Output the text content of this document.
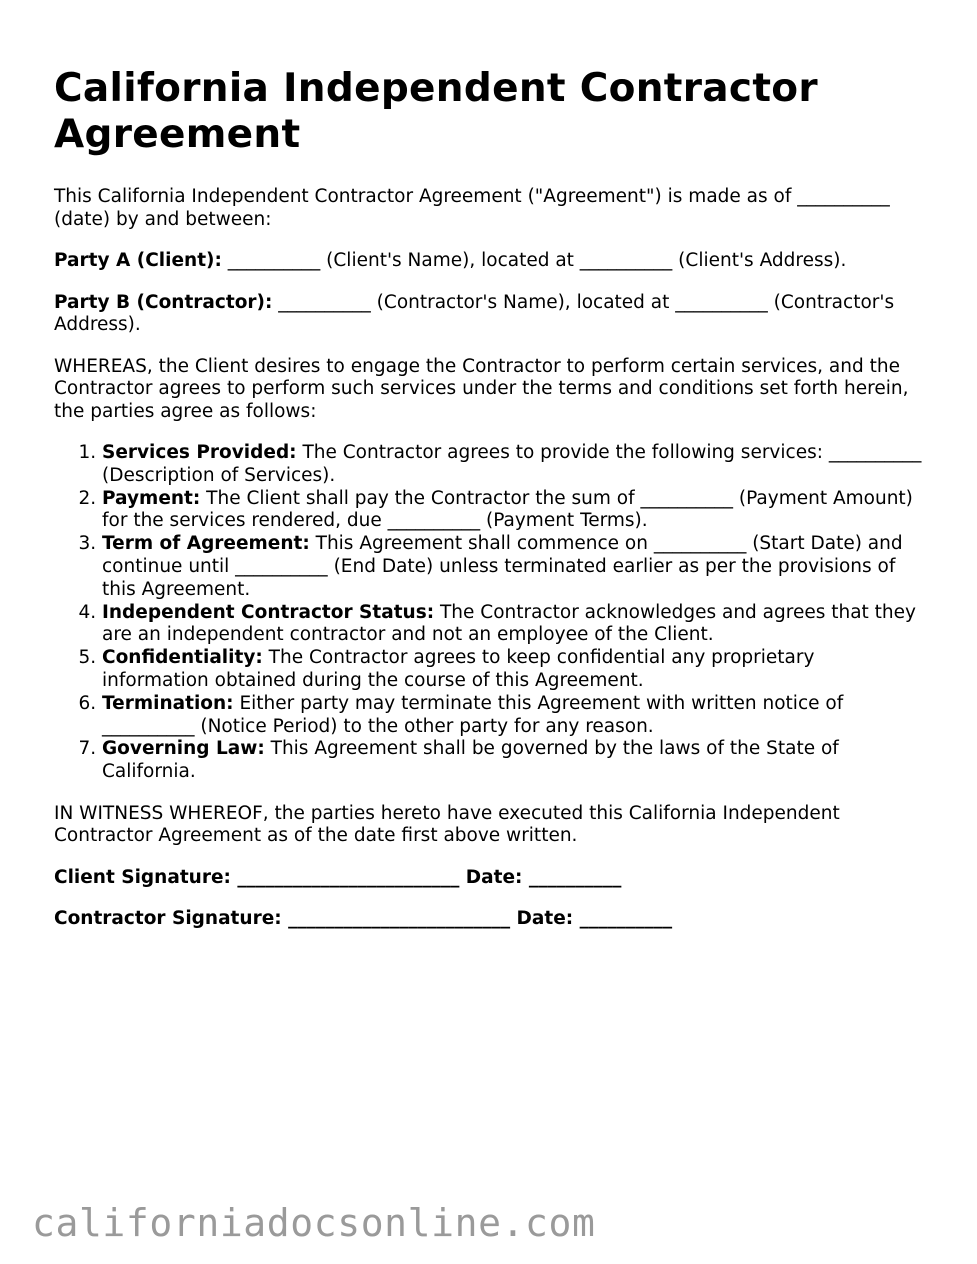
California Independent Contractor Agreement

This California Independent Contractor Agreement ("Agreement") is made as of __________ (date) by and between:

Party A (Client): __________ (Client's Name), located at __________ (Client's Address).

Party B (Contractor): __________ (Contractor's Name), located at __________ (Contractor's Address).

WHEREAS, the Client desires to engage the Contractor to perform certain services, and the Contractor agrees to perform such services under the terms and conditions set forth herein, the parties agree as follows:

1. Services Provided: The Contractor agrees to provide the following services: __________ (Description of Services).
2. Payment: The Client shall pay the Contractor the sum of __________ (Payment Amount) for the services rendered, due __________ (Payment Terms).
3. Term of Agreement: This Agreement shall commence on __________ (Start Date) and continue until __________ (End Date) unless terminated earlier as per the provisions of this Agreement.
4. Independent Contractor Status: The Contractor acknowledges and agrees that they are an independent contractor and not an employee of the Client.
5. Confidentiality: The Contractor agrees to keep confidential any proprietary information obtained during the course of this Agreement.
6. Termination: Either party may terminate this Agreement with written notice of __________ (Notice Period) to the other party for any reason.
7. Governing Law: This Agreement shall be governed by the laws of the State of California.

IN WITNESS WHEREOF, the parties hereto have executed this California Independent Contractor Agreement as of the date first above written.

Client Signature: ________________________ Date: __________

Contractor Signature: ________________________ Date: __________

californiadocsonline.com
